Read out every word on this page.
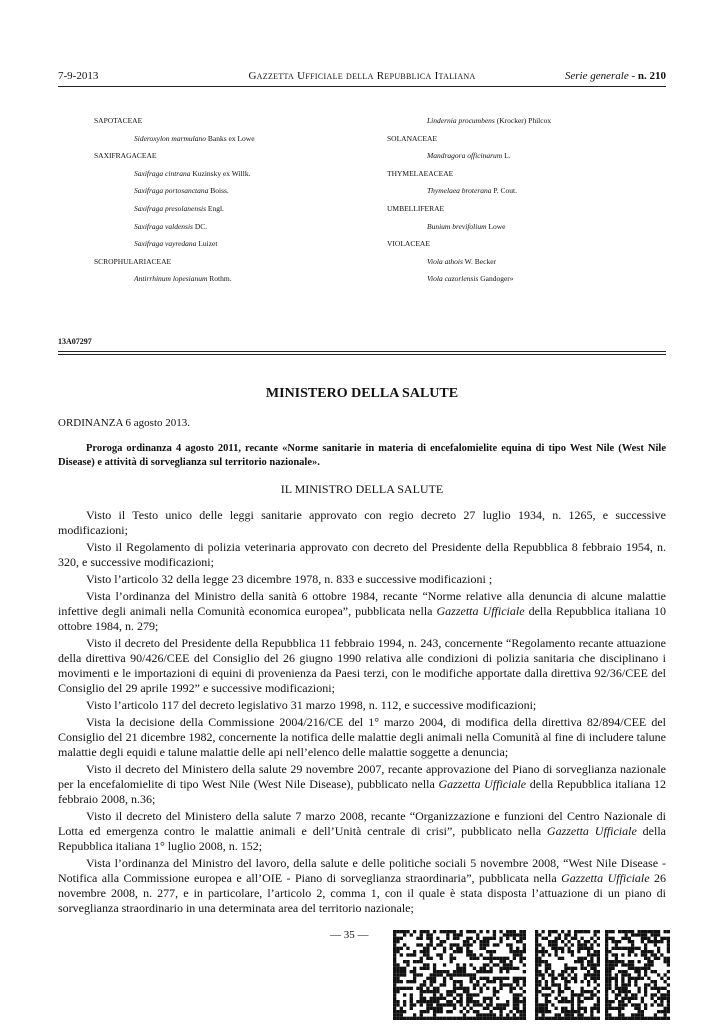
7-9-2013	Gazzetta Ufficiale della Repubblica Italiana	Serie generale - n. 210
SAPOTACEAE
Sideroxylon marmulano Banks ex Lowe
SAXIFRAGACEAE
Saxifraga cintrana Kuzinsky ex Willk.
Saxifraga portosanctana Boiss.
Saxifraga presolanensis Engl.
Saxifraga valdensis DC.
Saxifraga vayredana Luizet
SCROPHULARIACEAE
Antirrhinum lopesianum Rothm.
Lindernia procumbens (Krocker) Philcox
SOLANACEAE
Mandragora officinarum L.
THYMELAEACEAE
Thymelaea broterana P. Cout.
UMBELLIFERAE
Bunium brevifolium Lowe
VIOLACEAE
Viola athois W. Becker
Viola cazorlensis Gandoger»
13A07297
MINISTERO DELLA SALUTE
ORDINANZA 6 agosto 2013.

Proroga ordinanza 4 agosto 2011, recante «Norme sanitarie in materia di encefalomielite equina di tipo West Nile (West Nile Disease) e attività di sorveglianza sul territorio nazionale».

IL MINISTRO DELLA SALUTE

Visto il Testo unico delle leggi sanitarie approvato con regio decreto 27 luglio 1934, n. 1265, e successive modificazioni;

Visto il Regolamento di polizia veterinaria approvato con decreto del Presidente della Repubblica 8 febbraio 1954, n. 320, e successive modificazioni;

Visto l’articolo 32 della legge 23 dicembre 1978, n. 833 e successive modificazioni ;

Vista l’ordinanza del Ministro della sanità 6 ottobre 1984, recante “Norme relative alla denuncia di alcune malattie infettive degli animali nella Comunità economica europea”, pubblicata nella Gazzetta Ufficiale della Repubblica italiana 10 ottobre 1984, n. 279;

Visto il decreto del Presidente della Repubblica 11 febbraio 1994, n. 243, concernente “Regolamento recante attuazione della direttiva 90/426/CEE del Consiglio del 26 giugno 1990 relativa alle condizioni di polizia sanitaria che disciplinano i movimenti e le importazioni di equini di provenienza da Paesi terzi, con le modifiche apportate dalla direttiva 92/36/CEE del Consiglio del 29 aprile 1992” e successive modificazioni;

Visto l’articolo 117 del decreto legislativo 31 marzo 1998, n. 112, e successive modificazioni;

Vista la decisione della Commissione 2004/216/CE del 1° marzo 2004, di modifica della direttiva 82/894/CEE del Consiglio del 21 dicembre 1982, concernente la notifica delle malattie degli animali nella Comunità al fine di includere talune malattie degli equidi e talune malattie delle api nell’elenco delle malattie soggette a denuncia;

Visto il decreto del Ministero della salute 29 novembre 2007, recante approvazione del Piano di sorveglianza nazionale per la encefalomielite di tipo West Nile (West Nile Disease), pubblicato nella Gazzetta Ufficiale della Repubblica italiana 12 febbraio 2008, n.36;

Visto il decreto del Ministero della salute 7 marzo 2008, recante “Organizzazione e funzioni del Centro Nazionale di Lotta ed emergenza contro le malattie animali e dell’Unità centrale di crisi”, pubblicato nella Gazzetta Ufficiale della Repubblica italiana 1° luglio 2008, n. 152;

Vista l’ordinanza del Ministro del lavoro, della salute e delle politiche sociali 5 novembre 2008, “West Nile Disease - Notifica alla Commissione europea e all’OIE - Piano di sorveglianza straordinaria”, pubblicata nella Gazzetta Ufficiale 26 novembre 2008, n. 277, e in particolare, l’articolo 2, comma 1, con il quale è stata disposta l’attuazione di un piano di sorveglianza straordinario in una determinata area del territorio nazionale;

— 35 —
